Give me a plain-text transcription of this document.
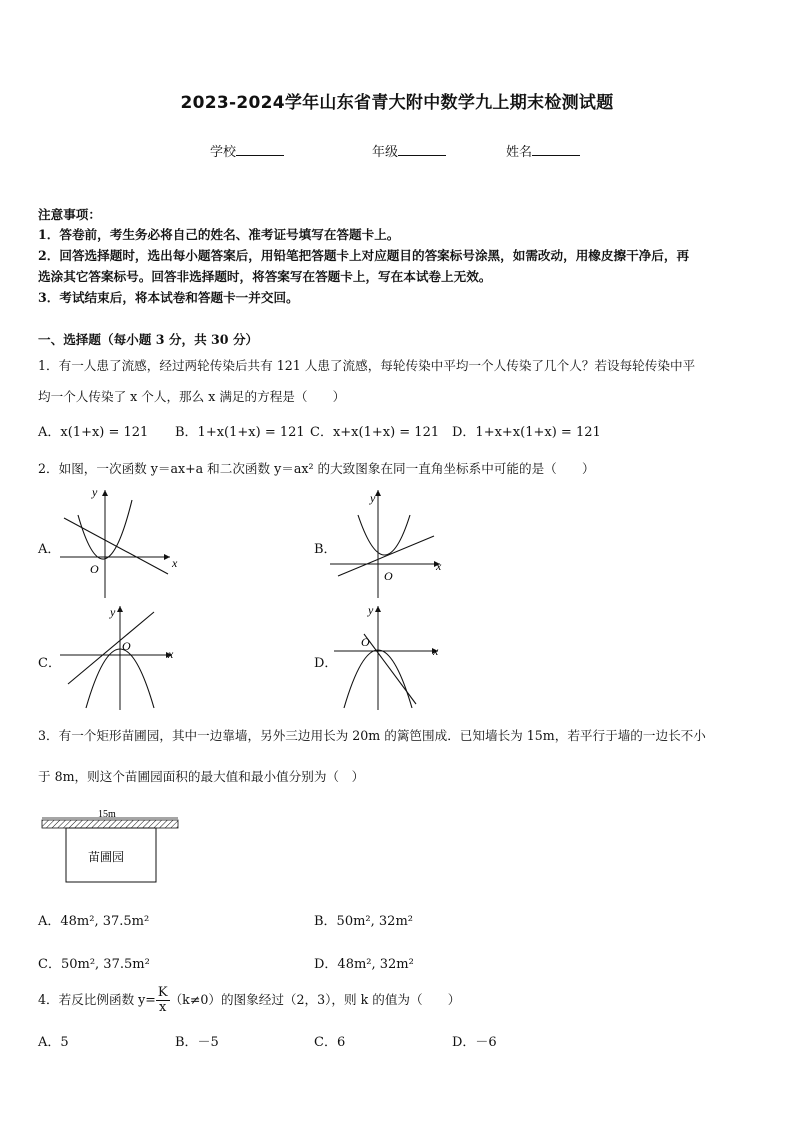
2023-2024学年山东省青大附中数学九上期末检测试题
学校	年级	姓名
注意事项：
1．答卷前，考生务必将自己的姓名、准考证号填写在答题卡上。
2．回答选择题时，选出每小题答案后，用铅笔把答题卡上对应题目的答案标号涂黑，如需改动，用橡皮擦干净后，再
选涂其它答案标号。回答非选择题时，将答案写在答题卡上，写在本试卷上无效。
3．考试结束后，将本试卷和答题卡一并交回。
一、选择题（每小题 3 分，共 30 分）
1．有一人患了流感，经过两轮传染后共有 121 人患了流感，每轮传染中平均一个人传染了几个人？若设每轮传染中平
均一个人传染了 x 个人，那么 x 满足的方程是（　　）
A．x(1+x) = 121 B．1+x(1+x) = 121 C．x+x(1+x) = 121 D．1+x+x(1+x) = 121
2．如图，一次函数 y＝ax+a 和二次函数 y＝ax² 的大致图象在同一直角坐标系中可能的是（　　）
A．
x
y
O
B．
x
y
O
C．
x
y
O
D．
x
y
O
3．有一个矩形苗圃园，其中一边靠墙，另外三边用长为 20m 的篱笆围成．已知墙长为 15m，若平行于墙的一边长不小
于 8m，则这个苗圃园面积的最大值和最小值分别为（　）
15m
苗圃园
A．48m², 37.5m²	B．50m², 32m²
C．50m², 37.5m²	D．48m², 32m²
4．若反比例函数 $y= \frac{K}{x} (k\ne 0)$的图象经过（2，3），则 k 的值为（　　）
A．5	B．－5	C．6	D．－6
